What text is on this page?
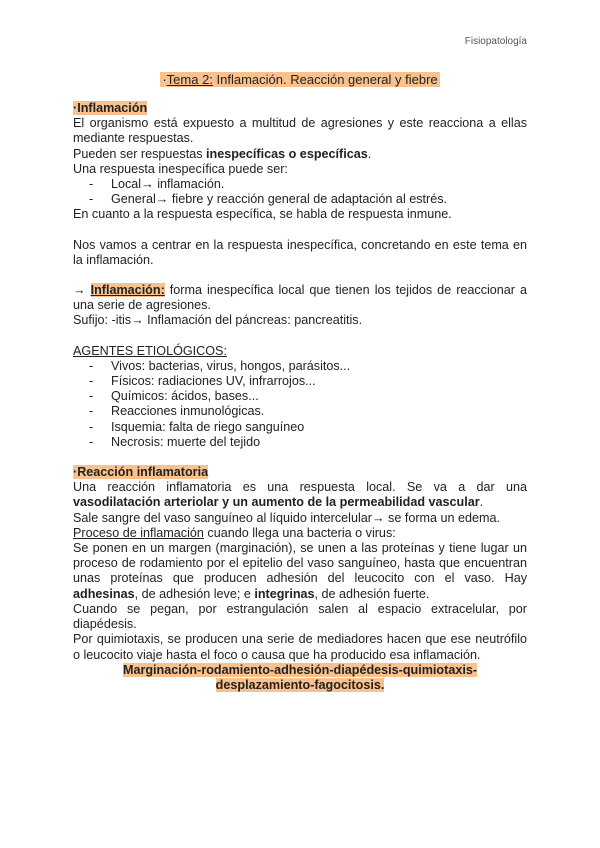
Fisiopatología
·Tema 2: Inflamación. Reacción general y fiebre
·Inflamación

El organismo está expuesto a multitud de agresiones y este reacciona a ellas mediante respuestas.

Pueden ser respuestas inespecíficas o específicas.

Una respuesta inespecífica puede ser:

- Local→ inflamación.
- General→ fiebre y reacción general de adaptación al estrés.

En cuanto a la respuesta específica, se habla de respuesta inmune.

Nos vamos a centrar en la respuesta inespecífica, concretando en este tema en la inflamación.

→ Inflamación: forma inespecífica local que tienen los tejidos de reaccionar a una serie de agresiones.

Sufijo: -itis→ Inflamación del páncreas: pancreatitis.

AGENTES ETIOLÓGICOS:

- Vivos: bacterias, virus, hongos, parásitos...
- Físicos: radiaciones UV, infrarrojos...
- Químicos: ácidos, bases...
- Reacciones inmunológicas.
- Isquemia: falta de riego sanguíneo
- Necrosis: muerte del tejido
·Reacción inflamatoria

Una reacción inflamatoria es una respuesta local. Se va a dar una vasodilatación arteriolar y un aumento de la permeabilidad vascular.

Sale sangre del vaso sanguíneo al líquido intercelular→ se forma un edema.

Proceso de inflamación cuando llega una bacteria o virus:

Se ponen en un margen (marginación), se unen a las proteínas y tiene lugar un proceso de rodamiento por el epitelio del vaso sanguíneo, hasta que encuentran unas proteínas que producen adhesión del leucocito con el vaso. Hay adhesinas, de adhesión leve; e integrinas, de adhesión fuerte.

Cuando se pegan, por estrangulación salen al espacio extracelular, por diapédesis.

Por quimiotaxis, se producen una serie de mediadores hacen que ese neutrófilo o leucocito viaje hasta el foco o causa que ha producido esa inflamación.

Marginación-rodamiento-adhesión-diapédesis-quimiotaxis-

desplazamiento-fagocitosis.
